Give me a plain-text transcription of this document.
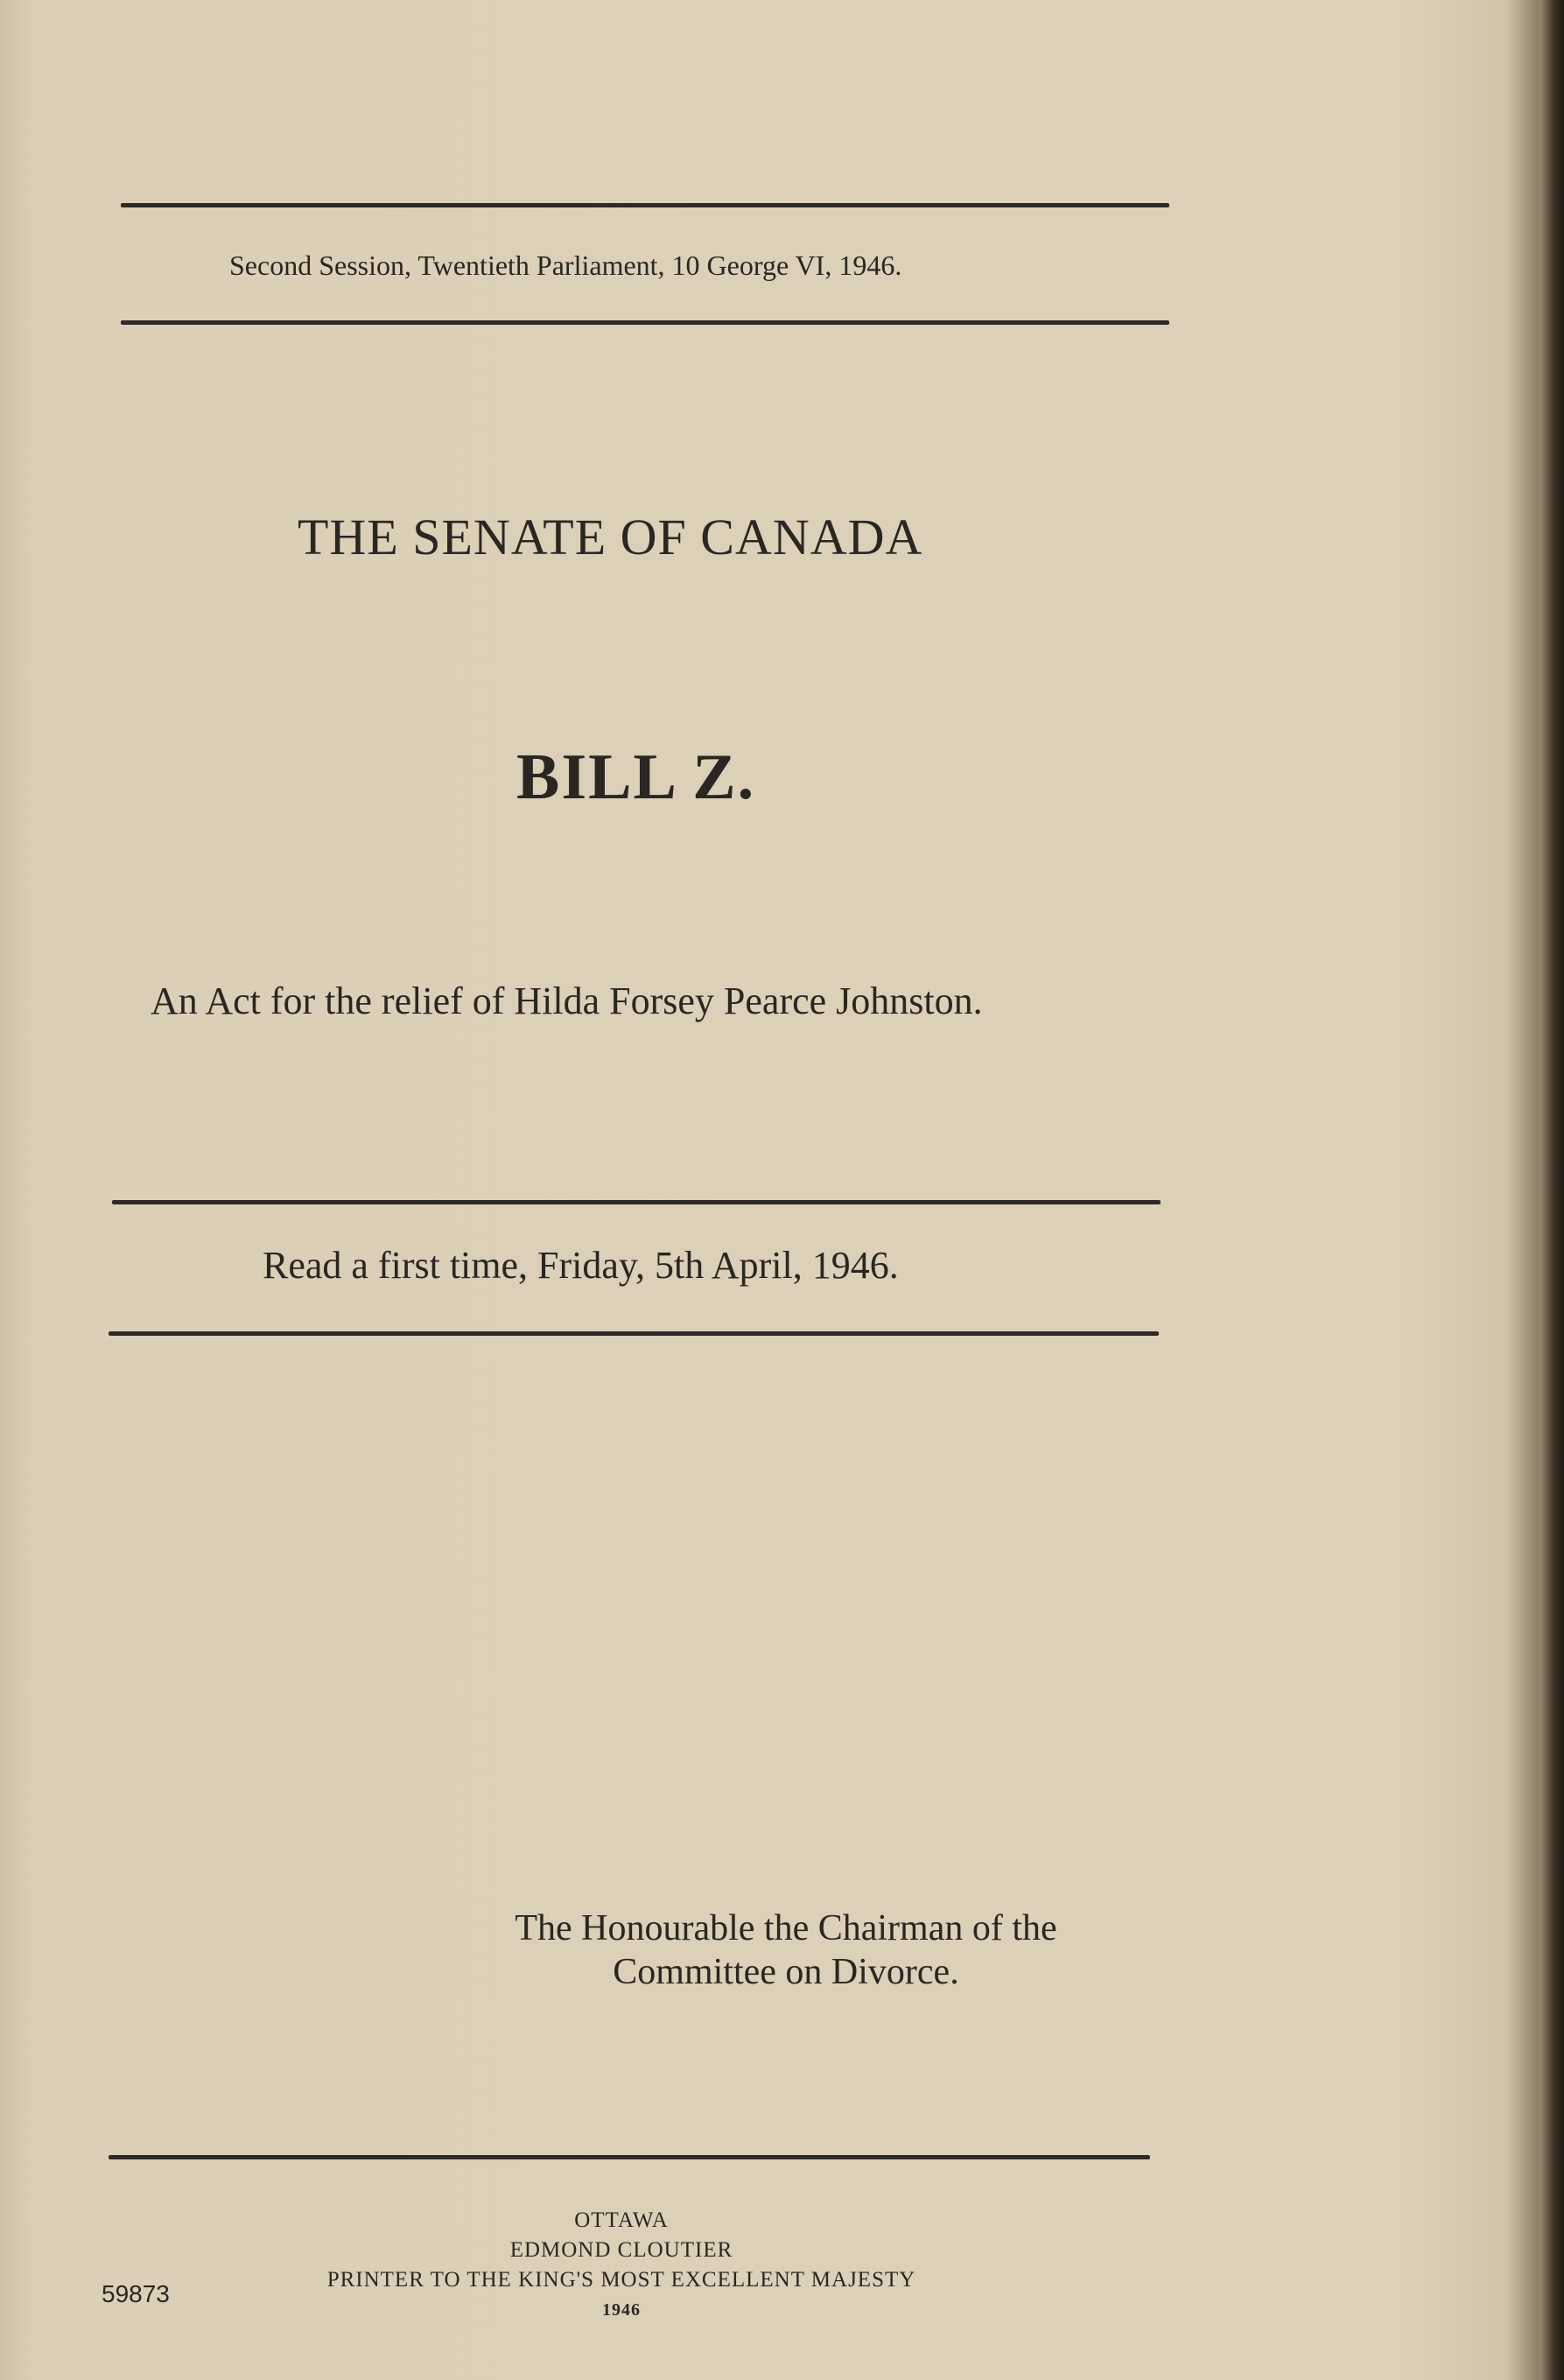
Second Session, Twentieth Parliament, 10 George VI, 1946.
THE SENATE OF CANADA
BILL Z.
An Act for the relief of Hilda Forsey Pearce Johnston.
Read a first time, Friday, 5th April, 1946.
The Honourable the Chairman of the
Committee on Divorce.
OTTAWA
EDMOND CLOUTIER
PRINTER TO THE KING'S MOST EXCELLENT MAJESTY
1946
59873
